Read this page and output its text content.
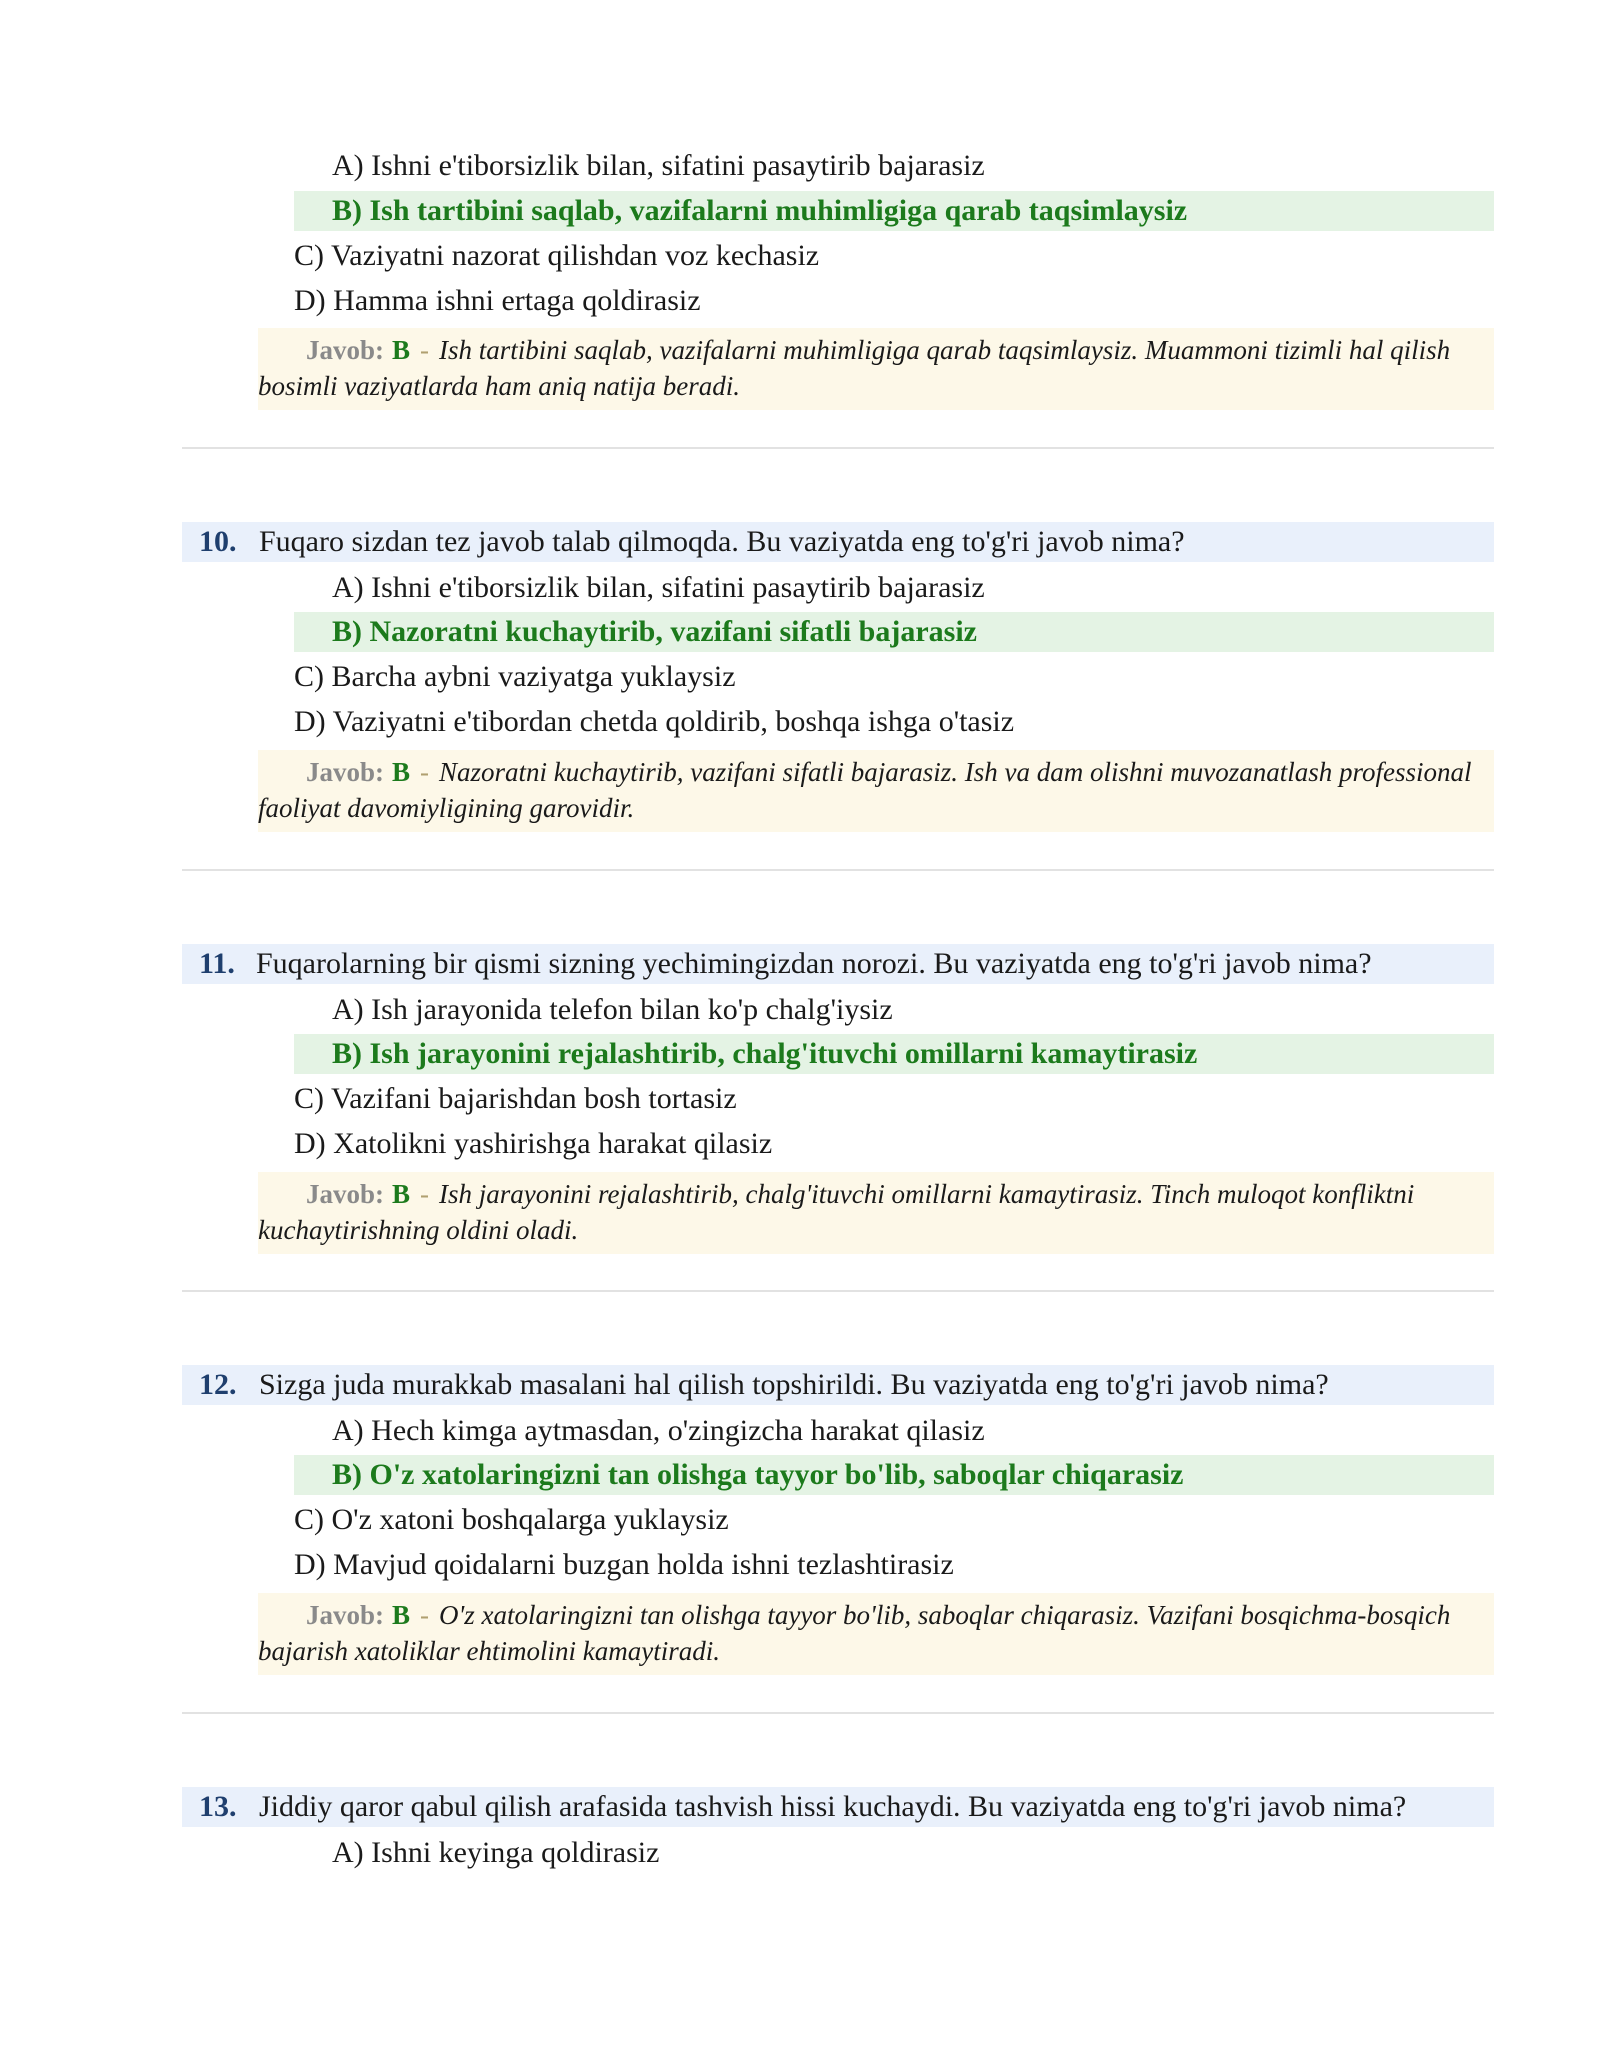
A) Ishni e'tiborsizlik bilan, sifatini pasaytirib bajarasiz
B) Ish tartibini saqlab, vazifalarni muhimligiga qarab taqsimlaysiz
C) Vaziyatni nazorat qilishdan voz kechasiz
D) Hamma ishni ertaga qoldirasiz
Javob: B - Ish tartibini saqlab, vazifalarni muhimligiga qarab taqsimlaysiz. Muammoni tizimli hal qilish bosimli vaziyatlarda ham aniq natija beradi.
10. Fuqaro sizdan tez javob talab qilmoqda. Bu vaziyatda eng to'g'ri javob nima?
A) Ishni e'tiborsizlik bilan, sifatini pasaytirib bajarasiz
B) Nazoratni kuchaytirib, vazifani sifatli bajarasiz
C) Barcha aybni vaziyatga yuklaysiz
D) Vaziyatni e'tibordan chetda qoldirib, boshqa ishga o'tasiz
Javob: B - Nazoratni kuchaytirib, vazifani sifatli bajarasiz. Ish va dam olishni muvozanatlash professional faoliyat davomiyligining garovidir.
11. Fuqarolarning bir qismi sizning yechimingizdan norozi. Bu vaziyatda eng to'g'ri javob nima?
A) Ish jarayonida telefon bilan ko'p chalg'iysiz
B) Ish jarayonini rejalashtirib, chalg'ituvchi omillarni kamaytirasiz
C) Vazifani bajarishdan bosh tortasiz
D) Xatolikni yashirishga harakat qilasiz
Javob: B - Ish jarayonini rejalashtirib, chalg'ituvchi omillarni kamaytirasiz. Tinch muloqot konfliktni kuchaytirishning oldini oladi.
12. Sizga juda murakkab masalani hal qilish topshirildi. Bu vaziyatda eng to'g'ri javob nima?
A) Hech kimga aytmasdan, o'zingizcha harakat qilasiz
B) O'z xatolaringizni tan olishga tayyor bo'lib, saboqlar chiqarasiz
C) O'z xatoni boshqalarga yuklaysiz
D) Mavjud qoidalarni buzgan holda ishni tezlashtirasiz
Javob: B - O'z xatolaringizni tan olishga tayyor bo'lib, saboqlar chiqarasiz. Vazifani bosqichma-bosqich bajarish xatoliklar ehtimolini kamaytiradi.
13. Jiddiy qaror qabul qilish arafasida tashvish hissi kuchaydi. Bu vaziyatda eng to'g'ri javob nima?
A) Ishni keyinga qoldirasiz
